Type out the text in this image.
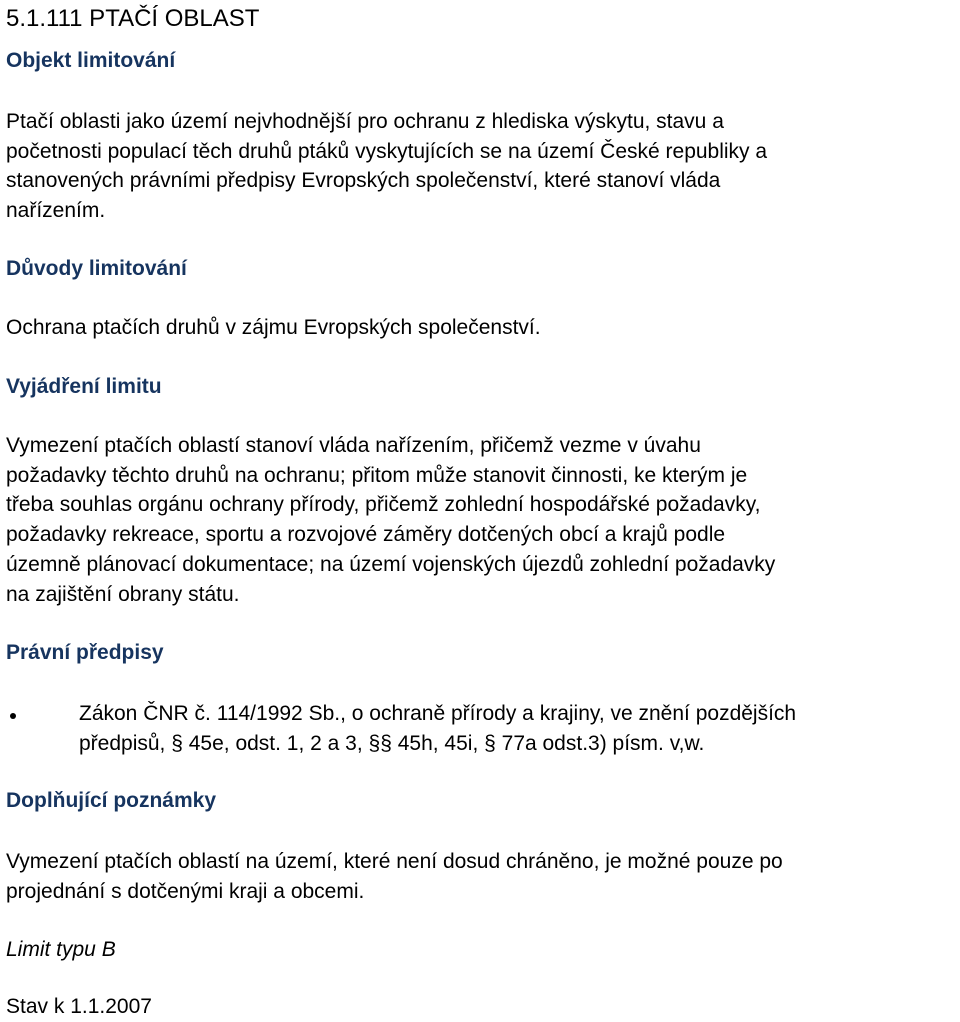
5.1.111 PTAČÍ OBLAST
Objekt limitování
Ptačí oblasti jako území nejvhodnější pro ochranu z hlediska výskytu, stavu a
početnosti populací těch druhů ptáků vyskytujících se na území České republiky a
stanovených právními předpisy Evropských společenství, které stanoví vláda
nařízením.
Důvody limitování
Ochrana ptačích druhů v zájmu Evropských společenství.
Vyjádření limitu
Vymezení ptačích oblastí stanoví vláda nařízením, přičemž vezme v úvahu
požadavky těchto druhů na ochranu; přitom může stanovit činnosti, ke kterým je
třeba souhlas orgánu ochrany přírody, přičemž zohlední hospodářské požadavky,
požadavky rekreace, sportu a rozvojové záměry dotčených obcí a krajů podle
územně plánovací dokumentace; na území vojenských újezdů zohlední požadavky
na zajištění obrany státu.
Právní předpisy
Zákon ČNR č. 114/1992 Sb., o ochraně přírody a krajiny, ve znění pozdějších
předpisů, § 45e, odst. 1, 2 a 3, §§ 45h, 45i, § 77a odst.3) písm. v,w.
Doplňující poznámky
Vymezení ptačích oblastí na území, které není dosud chráněno, je možné pouze po
projednání s dotčenými kraji a obcemi.
Limit typu B
Stav k 1.1.2007
